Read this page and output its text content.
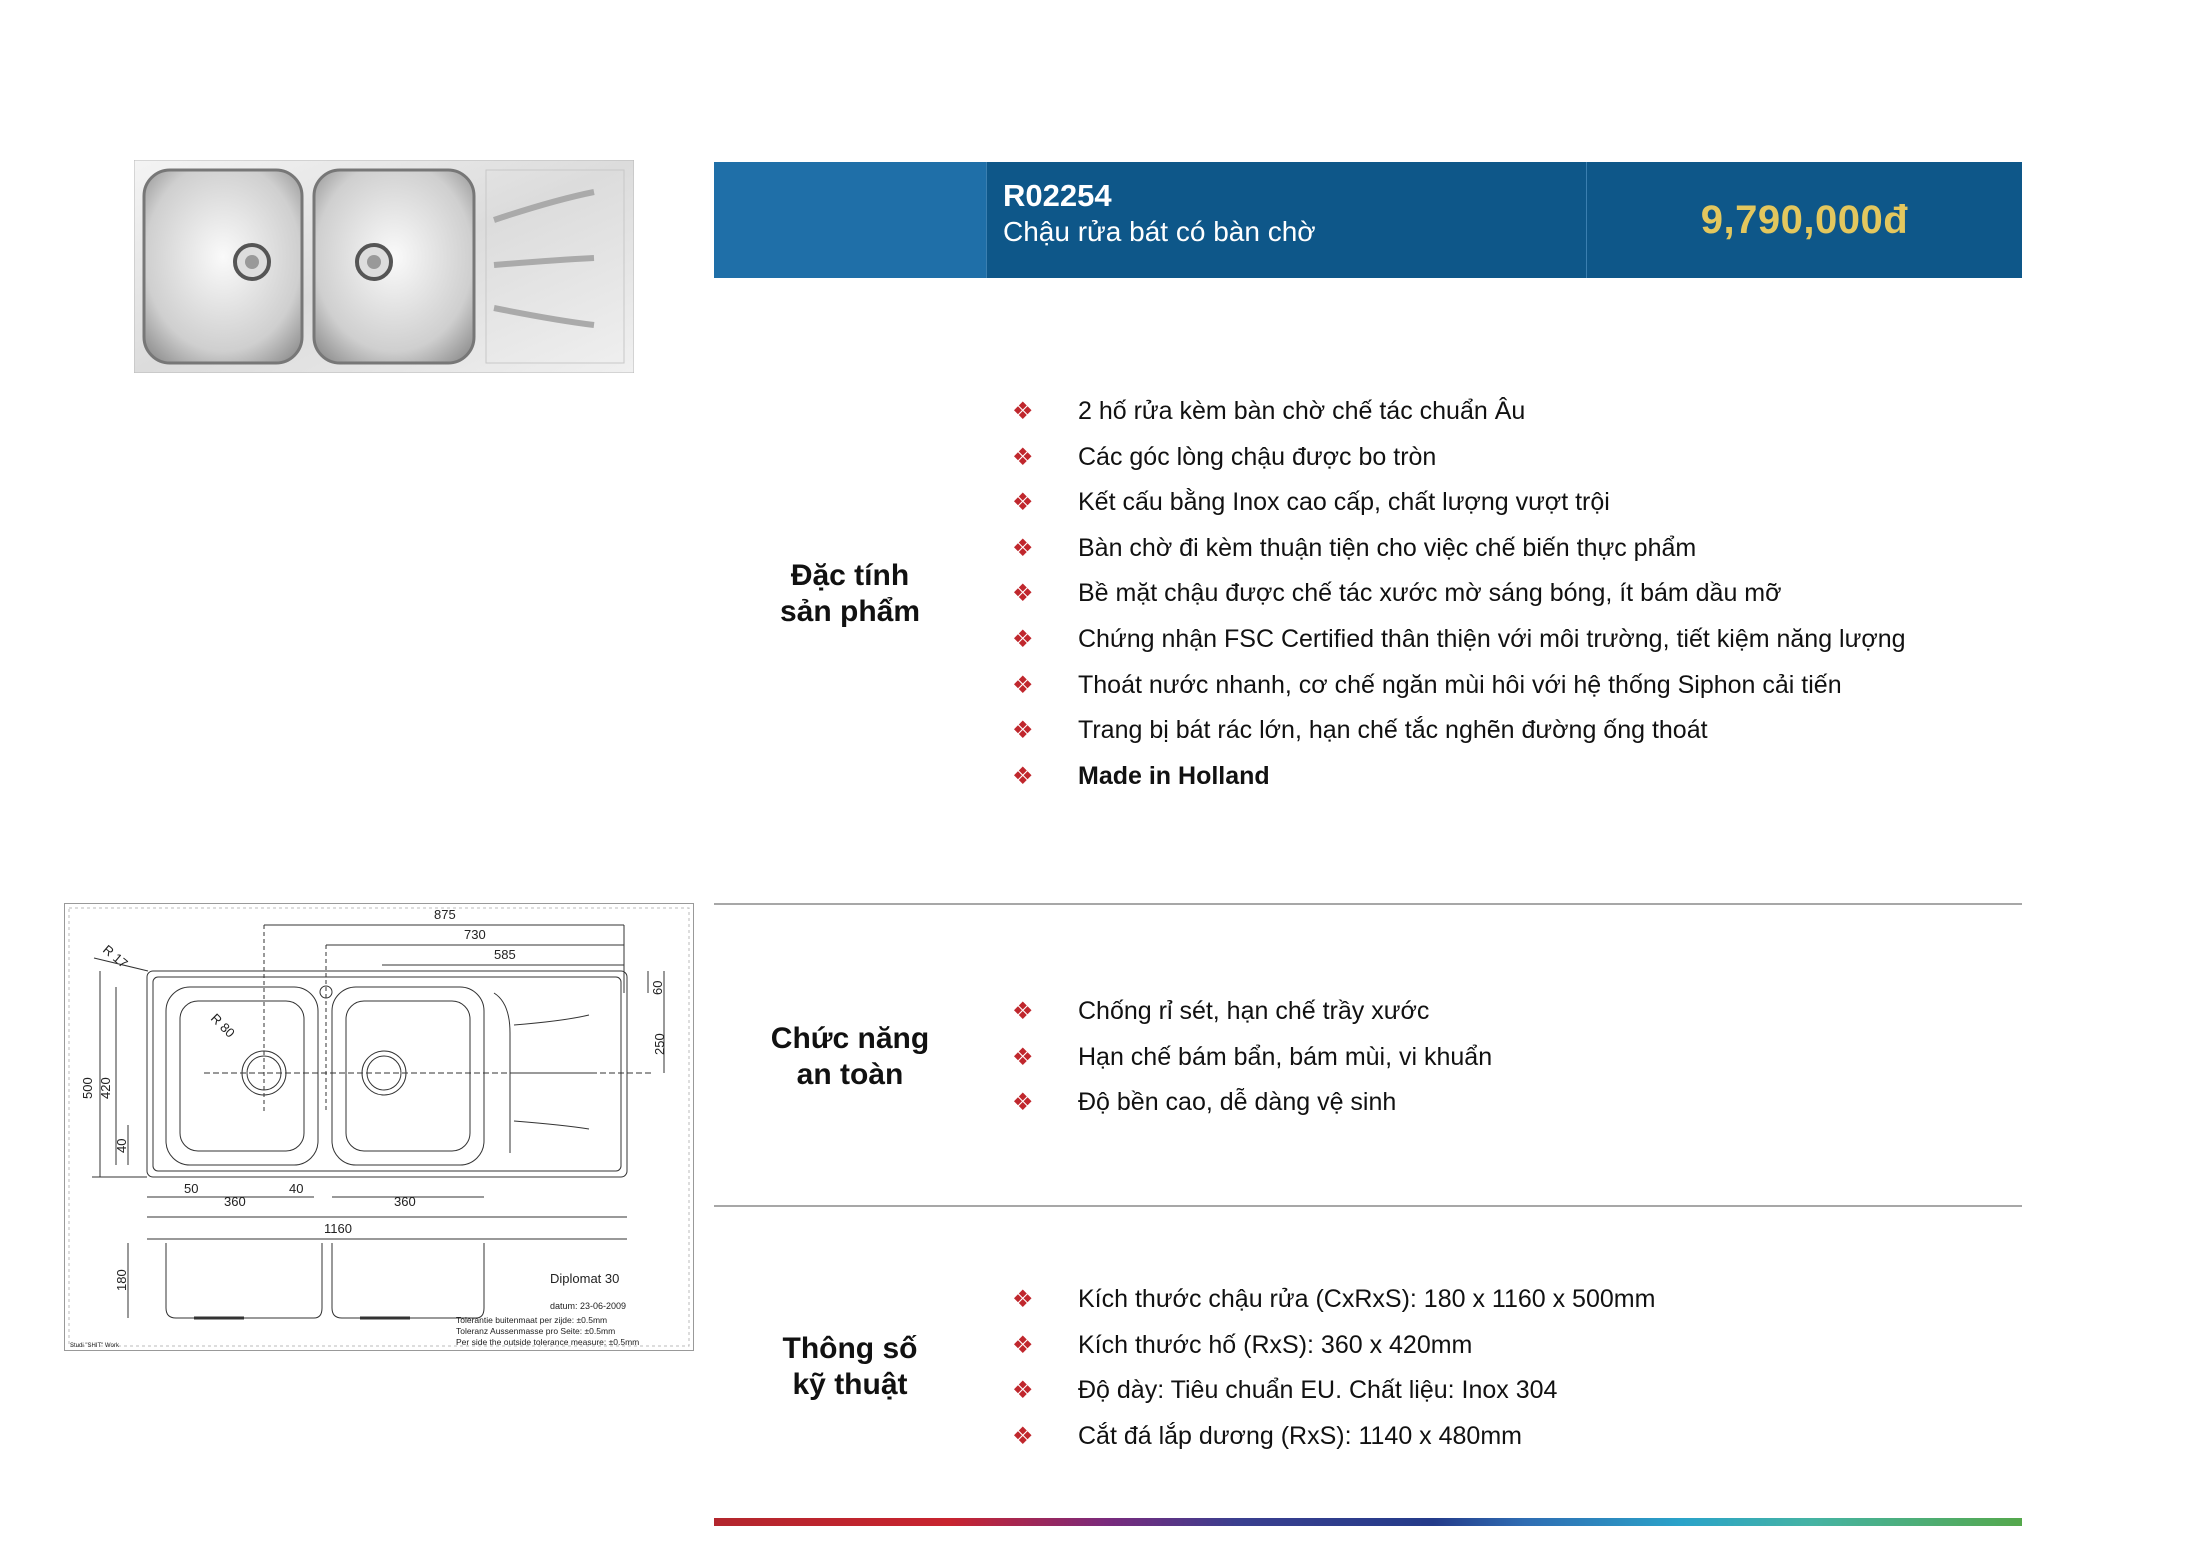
R02254
Chậu rửa bát có bàn chờ	9,790,000đ
Đặc tính
sản phẩm
❖ 2 hố rửa kèm bàn chờ chế tác chuẩn Âu
❖ Các góc lòng chậu được bo tròn
❖ Kết cấu bằng Inox cao cấp, chất lượng vượt trội
❖ Bàn chờ đi kèm thuận tiện cho việc chế biến thực phẩm
❖ Bề mặt chậu được chế tác xước mờ sáng bóng, ít bám dầu mỡ
❖ Chứng nhận FSC Certified thân thiện với môi trường, tiết kiệm năng lượng
❖ Thoát nước nhanh, cơ chế ngăn mùi hôi với hệ thống Siphon cải tiến
❖ Trang bị bát rác lớn, hạn chế tắc nghẽn đường ống thoát
❖ Made in Holland
Chức năng
an toàn
❖ Chống rỉ sét, hạn chế trầy xước
❖ Hạn chế bám bẩn, bám mùi, vi khuẩn
❖ Độ bền cao, dễ dàng vệ sinh
Thông số
kỹ thuật
❖ Kích thước chậu rửa (CxRxS): 180 x 1160 x 500mm
❖ Kích thước hố (RxS): 360 x 420mm
❖ Độ dày: Tiêu chuẩn EU. Chất liệu: Inox 304
❖ Cắt đá lắp dương (RxS): 1140 x 480mm
875
730
585
R 17
R 80
60
250
500 420
40
50
360
40
360
1160
180	Diplomat 30
datum: 23-06-2009
Tolerantie buitenmaat per zijde: ±0.5mm
Toleranz Aussenmasse pro Seite: ±0.5mm
Per side the outside tolerance measure: ±0.5mm
Studi "SHIT" Work
